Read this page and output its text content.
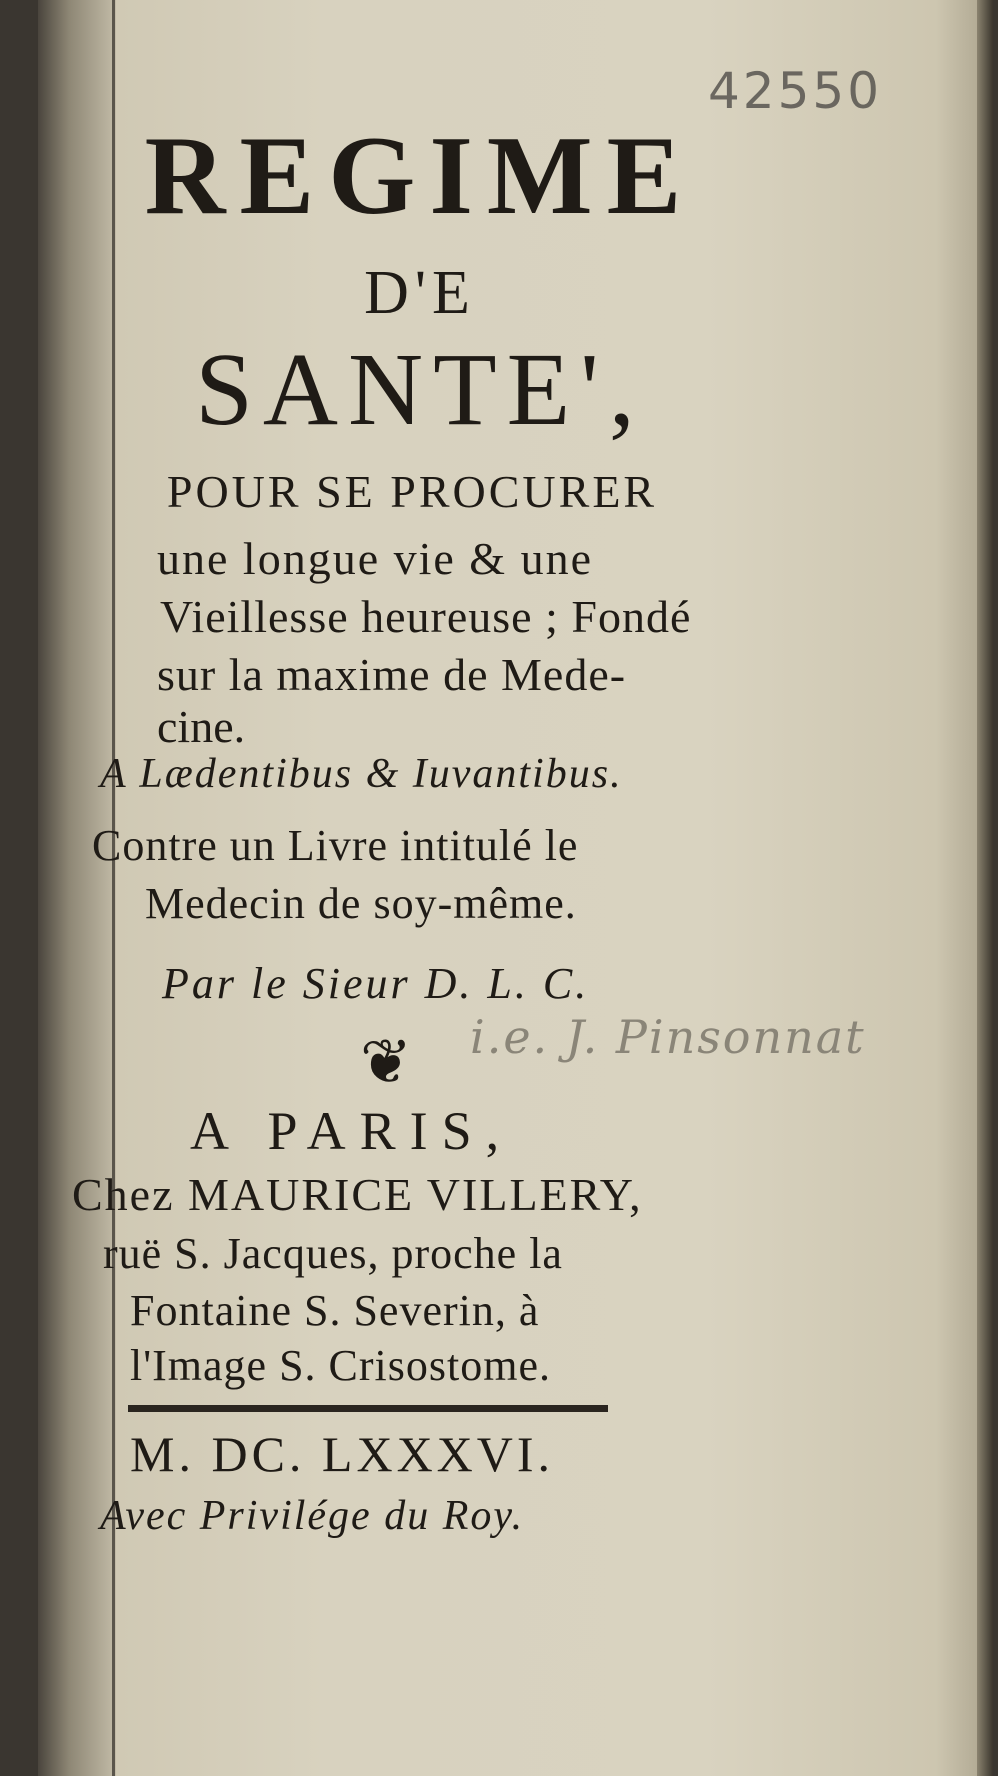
42550
REGIME
D'E
SANTE',
POUR SE PROCURER
une longue vie & une
Vieillesse heureuse ; Fondé
sur la maxime de Mede-
cine.
A Lædentibus & Iuvantibus.
Contre un Livre intitulé le
Medecin de soy-même.
Par le Sieur D. L. C.
❦ i.e. J. Pinsonnat
A PARIS,
Chez MAURICE VILLERY,
ruë S. Jacques, proche la
Fontaine S. Severin, à
l'Image S. Crisostome.
M. DC. LXXXVI.
Avec Privilége du Roy.
